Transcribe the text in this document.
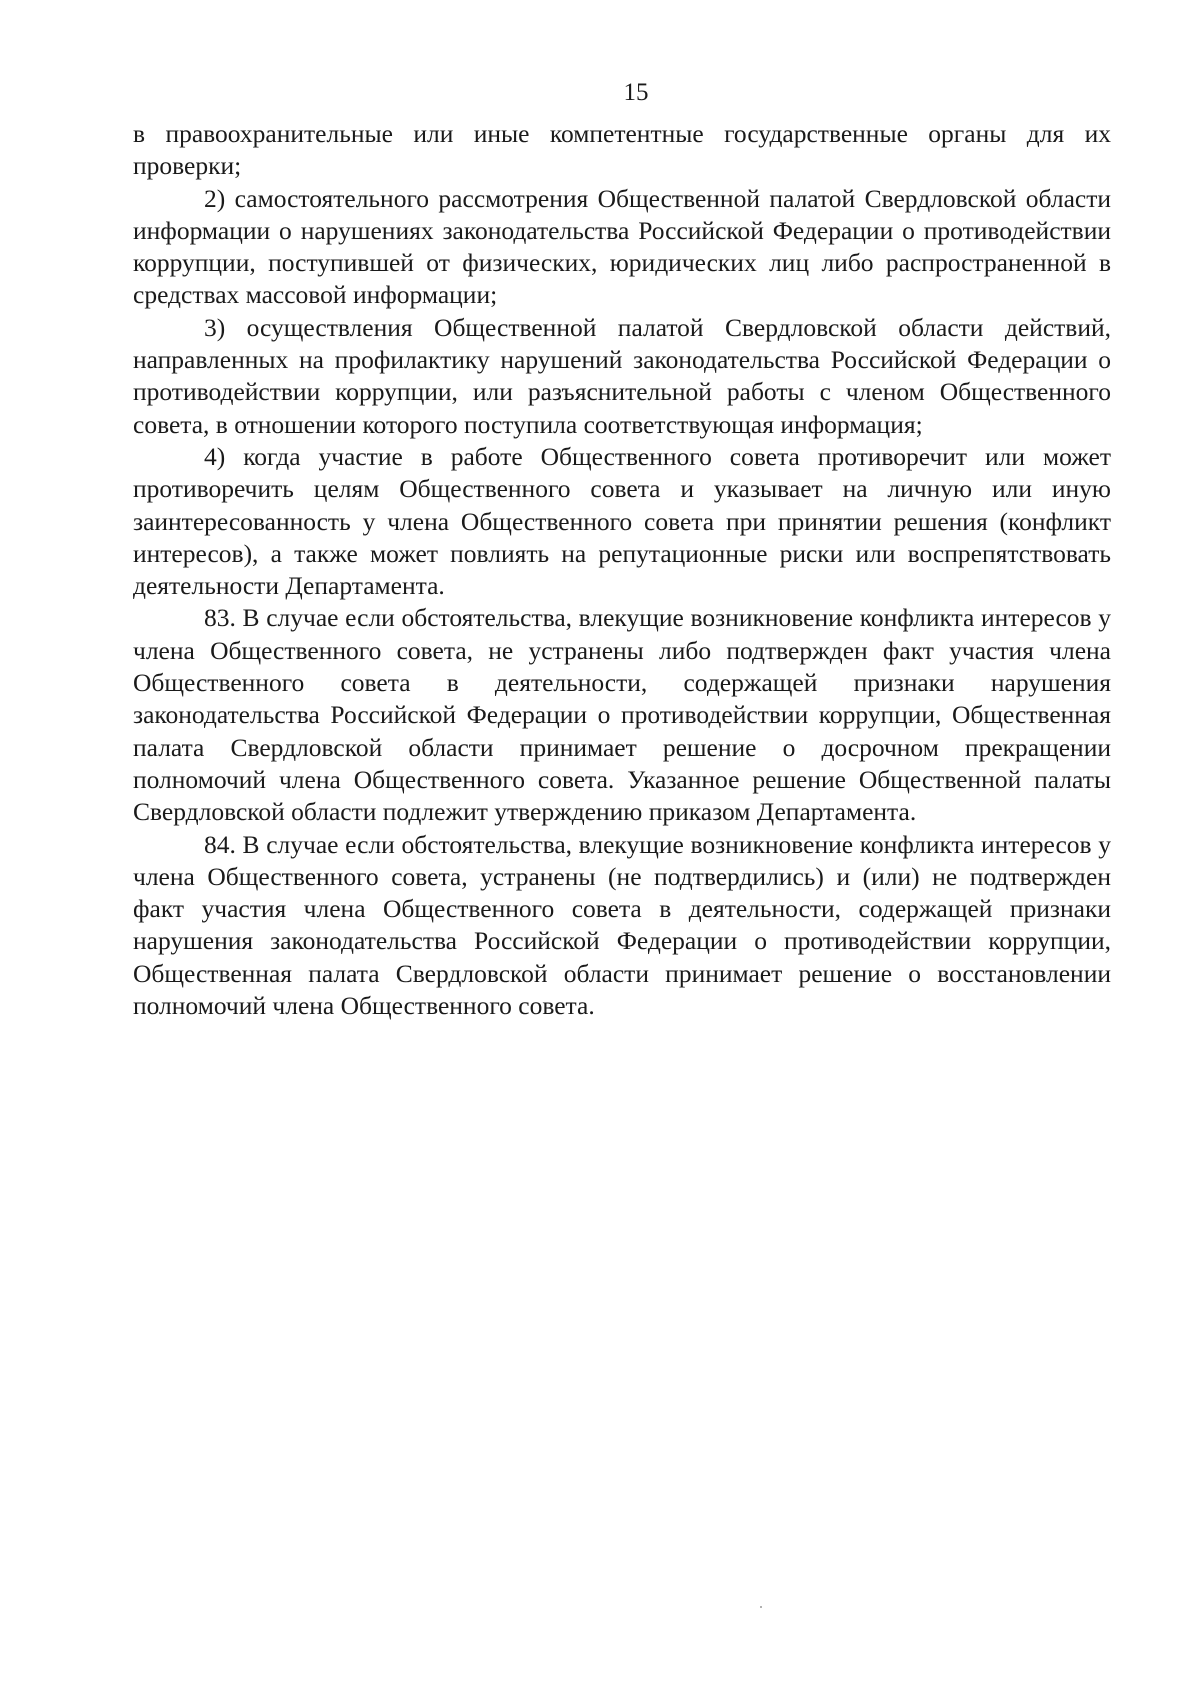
15

в правоохранительные или иные компетентные государственные органы для их проверки;

2) самостоятельного рассмотрения Общественной палатой Свердловской области информации о нарушениях законодательства Российской Федерации о противодействии коррупции, поступившей от физических, юридических лиц либо распространенной в средствах массовой информации;

3) осуществления Общественной палатой Свердловской области действий, направленных на профилактику нарушений законодательства Российской Федерации о противодействии коррупции, или разъяснительной работы с членом Общественного совета, в отношении которого поступила соответствующая информация;

4) когда участие в работе Общественного совета противоречит или может противоречить целям Общественного совета и указывает на личную или иную заинтересованность у члена Общественного совета при принятии решения (конфликт интересов), а также может повлиять на репутационные риски или воспрепятствовать деятельности Департамента.

83. В случае если обстоятельства, влекущие возникновение конфликта интересов у члена Общественного совета, не устранены либо подтвержден факт участия члена Общественного совета в деятельности, содержащей признаки нарушения законодательства Российской Федерации о противодействии коррупции, Общественная палата Свердловской области принимает решение о досрочном прекращении полномочий члена Общественного совета. Указанное решение Общественной палаты Свердловской области подлежит утверждению приказом Департамента.

84. В случае если обстоятельства, влекущие возникновение конфликта интересов у члена Общественного совета, устранены (не подтвердились) и (или) не подтвержден факт участия члена Общественного совета в деятельности, содержащей признаки нарушения законодательства Российской Федерации о противодействии коррупции, Общественная палата Свердловской области принимает решение о восстановлении полномочий члена Общественного совета.
